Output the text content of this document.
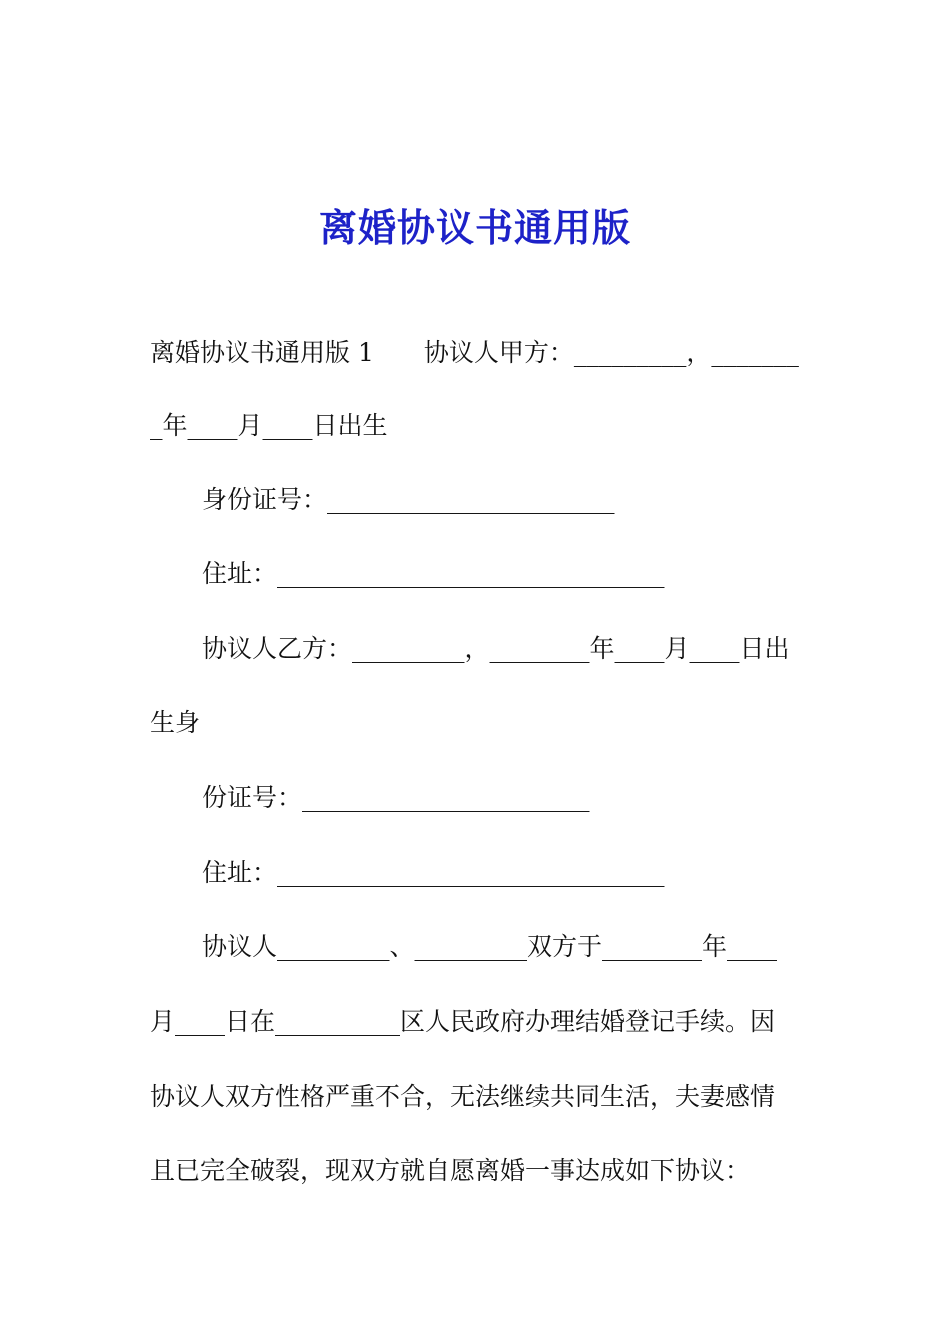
离婚协议书通用版
离婚协议书通用版 1　　协议人甲方：_________，_______
_年____月____日出生
身份证号：_______________________
住址：_______________________________
协议人乙方：_________，________年____月____日出
生身
份证号：_______________________
住址：_______________________________
协议人_________、_________双方于________年____
月____日在__________区人民政府办理结婚登记手续。因
协议人双方性格严重不合，无法继续共同生活，夫妻感情
且已完全破裂，现双方就自愿离婚一事达成如下协议：
